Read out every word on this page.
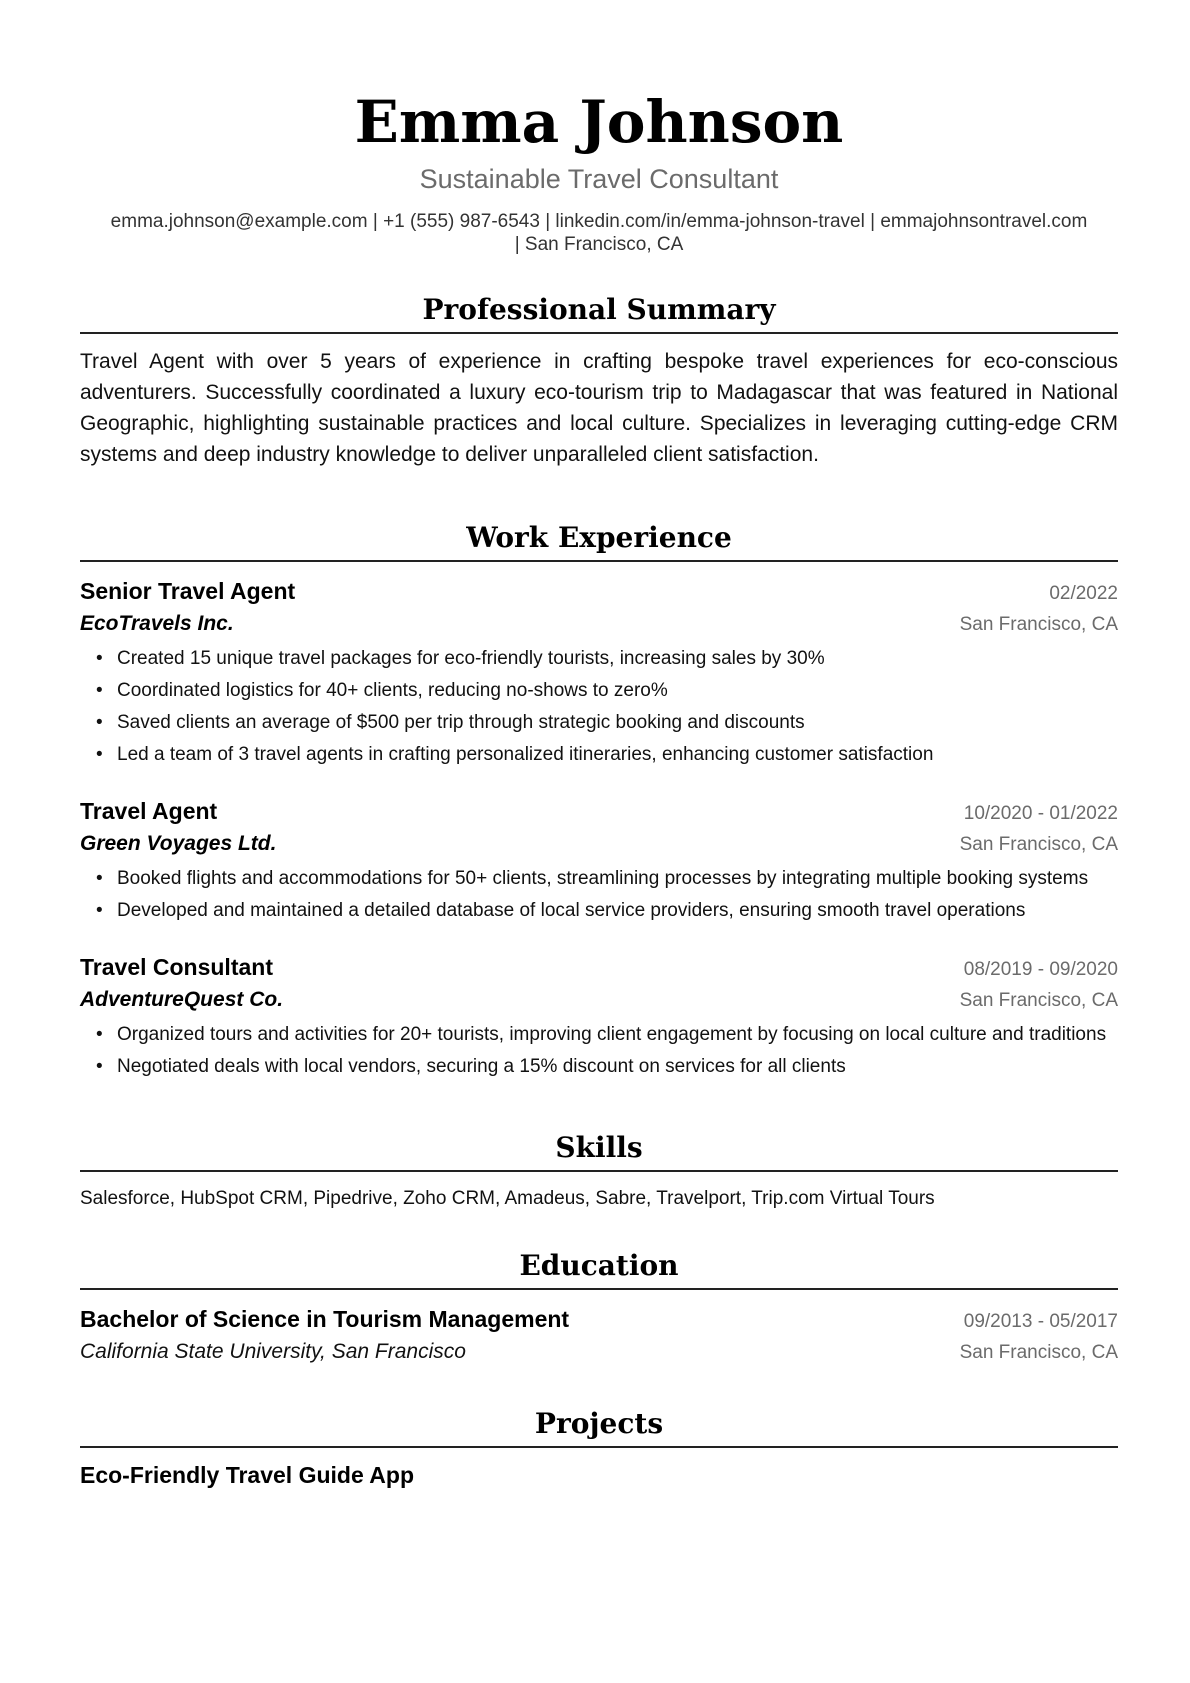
Emma Johnson
Sustainable Travel Consultant
emma.johnson@example.com | +1 (555) 987-6543 | linkedin.com/in/emma-johnson-travel | emmajohnsontravel.com
| San Francisco, CA
Professional Summary

Travel Agent with over 5 years of experience in crafting bespoke travel experiences for eco-conscious adventurers. Successfully coordinated a luxury eco-tourism trip to Madagascar that was featured in National Geographic, highlighting sustainable practices and local culture. Specializes in leveraging cutting-edge CRM systems and deep industry knowledge to deliver unparalleled client satisfaction.

Work Experience
Senior Travel Agent	02/2022
EcoTravels Inc.	San Francisco, CA
• Created 15 unique travel packages for eco-friendly tourists, increasing sales by 30%
• Coordinated logistics for 40+ clients, reducing no-shows to zero%
• Saved clients an average of $500 per trip through strategic booking and discounts
• Led a team of 3 travel agents in crafting personalized itineraries, enhancing customer satisfaction
Travel Agent	10/2020 - 01/2022
Green Voyages Ltd.	San Francisco, CA
• Booked flights and accommodations for 50+ clients, streamlining processes by integrating multiple booking systems
• Developed and maintained a detailed database of local service providers, ensuring smooth travel operations
Travel Consultant	08/2019 - 09/2020
AdventureQuest Co.	San Francisco, CA
• Organized tours and activities for 20+ tourists, improving client engagement by focusing on local culture and traditions
• Negotiated deals with local vendors, securing a 15% discount on services for all clients
Skills

Salesforce, HubSpot CRM, Pipedrive, Zoho CRM, Amadeus, Sabre, Travelport, Trip.com Virtual Tours

Education
Bachelor of Science in Tourism Management	09/2013 - 05/2017
California State University, San Francisco	San Francisco, CA
Projects
Eco-Friendly Travel Guide App
